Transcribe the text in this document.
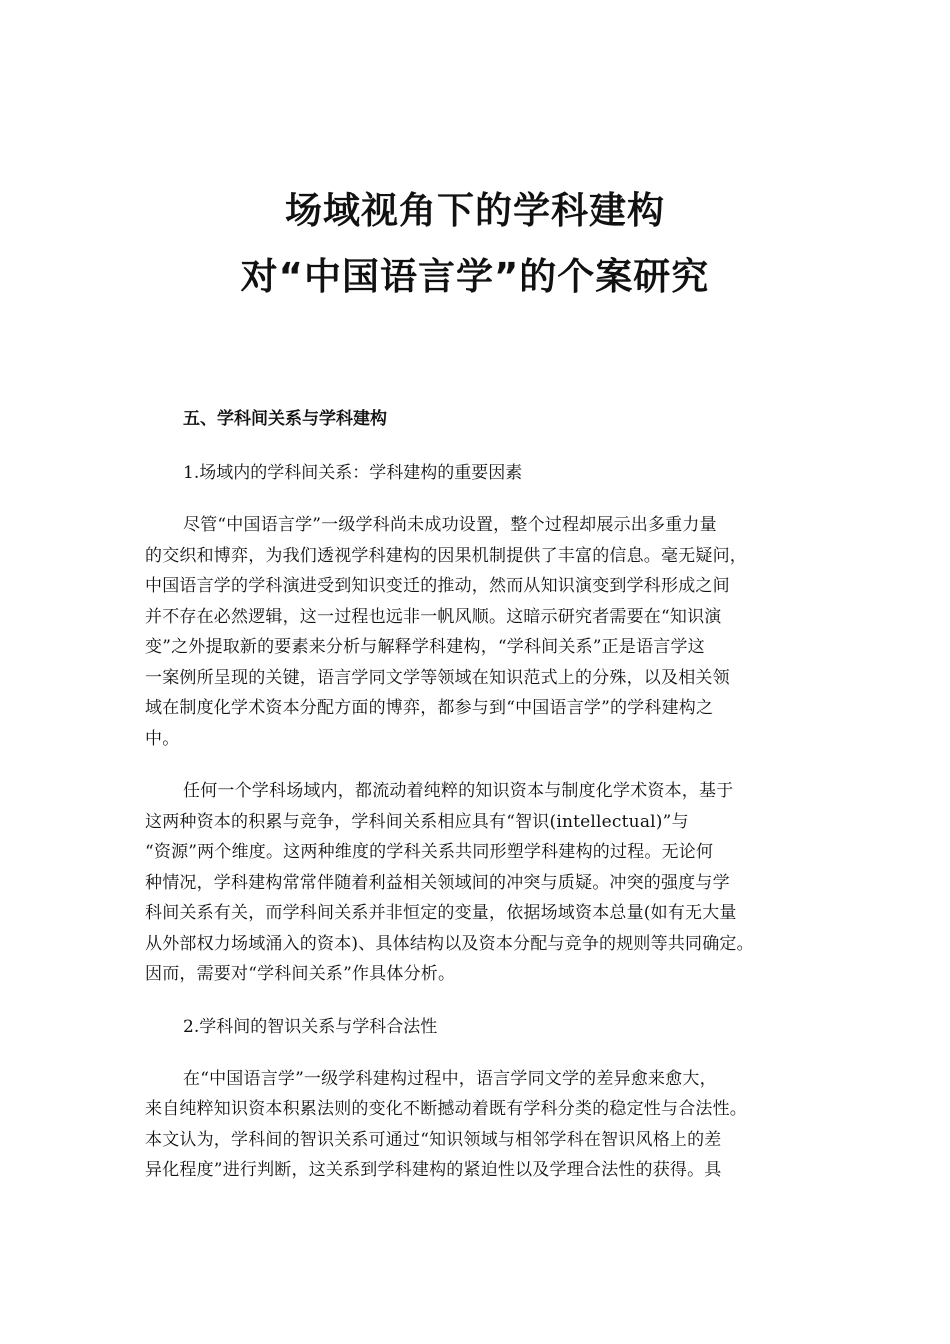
场域视角下的学科建构
对“中国语言学”的个案研究
五、学科间关系与学科建构
1.场域内的学科间关系：学科建构的重要因素
尽管“中国语言学”一级学科尚未成功设置，整个过程却展示出多重力量
的交织和博弈，为我们透视学科建构的因果机制提供了丰富的信息。毫无疑问，
中国语言学的学科演进受到知识变迁的推动，然而从知识演变到学科形成之间
并不存在必然逻辑，这一过程也远非一帆风顺。这暗示研究者需要在“知识演
变”之外提取新的要素来分析与解释学科建构，“学科间关系”正是语言学这
一案例所呈现的关键，语言学同文学等领域在知识范式上的分殊，以及相关领
域在制度化学术资本分配方面的博弈，都参与到“中国语言学”的学科建构之
中。
任何一个学科场域内，都流动着纯粹的知识资本与制度化学术资本，基于
这两种资本的积累与竞争，学科间关系相应具有“智识(intellectual)”与
“资源”两个维度。这两种维度的学科关系共同形塑学科建构的过程。无论何
种情况，学科建构常常伴随着利益相关领域间的冲突与质疑。冲突的强度与学
科间关系有关，而学科间关系并非恒定的变量，依据场域资本总量(如有无大量
从外部权力场域涌入的资本)、具体结构以及资本分配与竞争的规则等共同确定。
因而，需要对“学科间关系”作具体分析。
2.学科间的智识关系与学科合法性
在“中国语言学”一级学科建构过程中，语言学同文学的差异愈来愈大，
来自纯粹知识资本积累法则的变化不断撼动着既有学科分类的稳定性与合法性。
本文认为，学科间的智识关系可通过“知识领域与相邻学科在智识风格上的差
异化程度”进行判断，这关系到学科建构的紧迫性以及学理合法性的获得。具
